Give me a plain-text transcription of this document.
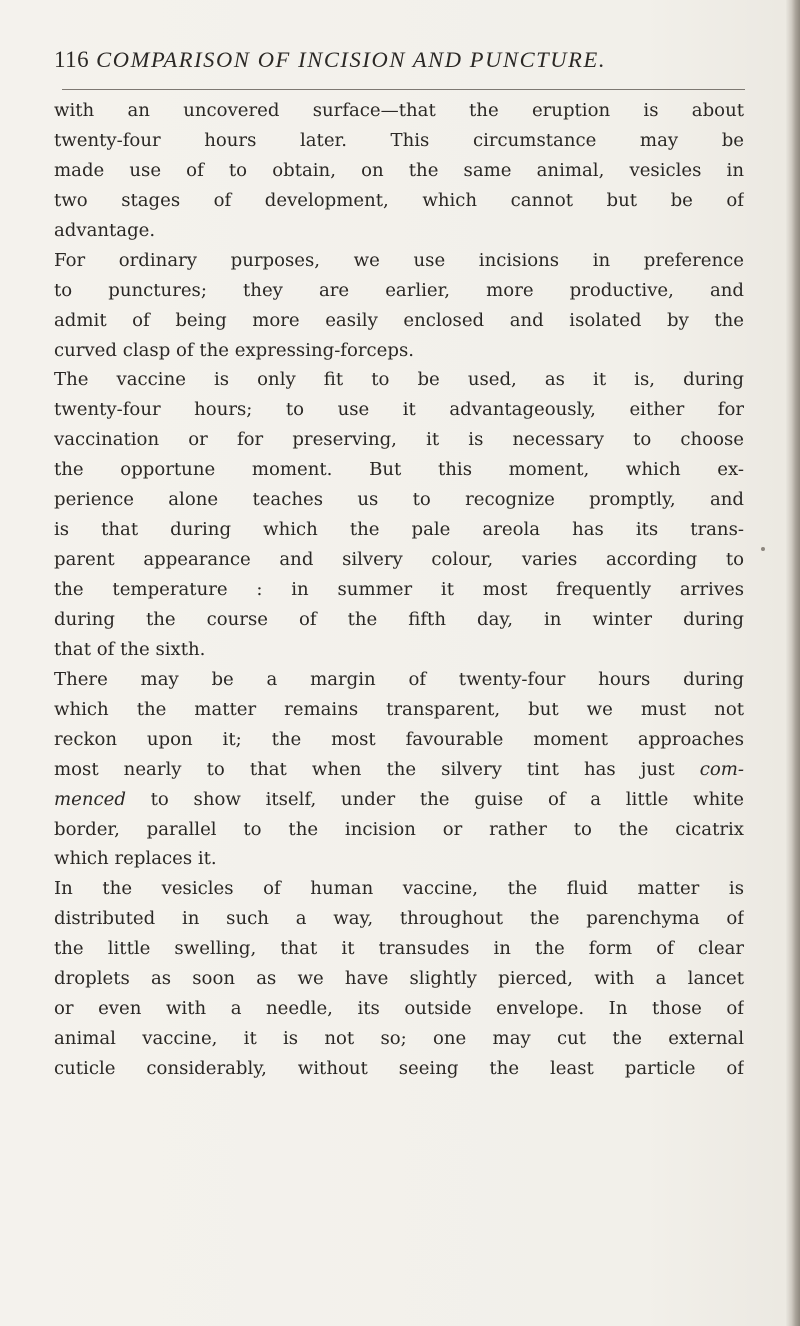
116 COMPARISON OF INCISION AND PUNCTURE.
with an uncovered surface—that the eruption is about
twenty-four hours later. This circumstance may be
made use of to obtain, on the same animal, vesicles in
two stages of development, which cannot but be of
advantage.
For ordinary purposes, we use incisions in preference
to punctures; they are earlier, more productive, and
admit of being more easily enclosed and isolated by the
curved clasp of the expressing-forceps.
The vaccine is only fit to be used, as it is, during
twenty-four hours; to use it advantageously, either for
vaccination or for preserving, it is necessary to choose
the opportune moment. But this moment, which ex-
perience alone teaches us to recognize promptly, and
is that during which the pale areola has its trans-
parent appearance and silvery colour, varies according to
the temperature : in summer it most frequently arrives
during the course of the fifth day, in winter during
that of the sixth.
There may be a margin of twenty-four hours during
which the matter remains transparent, but we must not
reckon upon it; the most favourable moment approaches
most nearly to that when the silvery tint has just com-
menced to show itself, under the guise of a little white
border, parallel to the incision or rather to the cicatrix
which replaces it.
In the vesicles of human vaccine, the fluid matter is
distributed in such a way, throughout the parenchyma of
the little swelling, that it transudes in the form of clear
droplets as soon as we have slightly pierced, with a lancet
or even with a needle, its outside envelope. In those of
animal vaccine, it is not so; one may cut the external
cuticle considerably, without seeing the least particle of
